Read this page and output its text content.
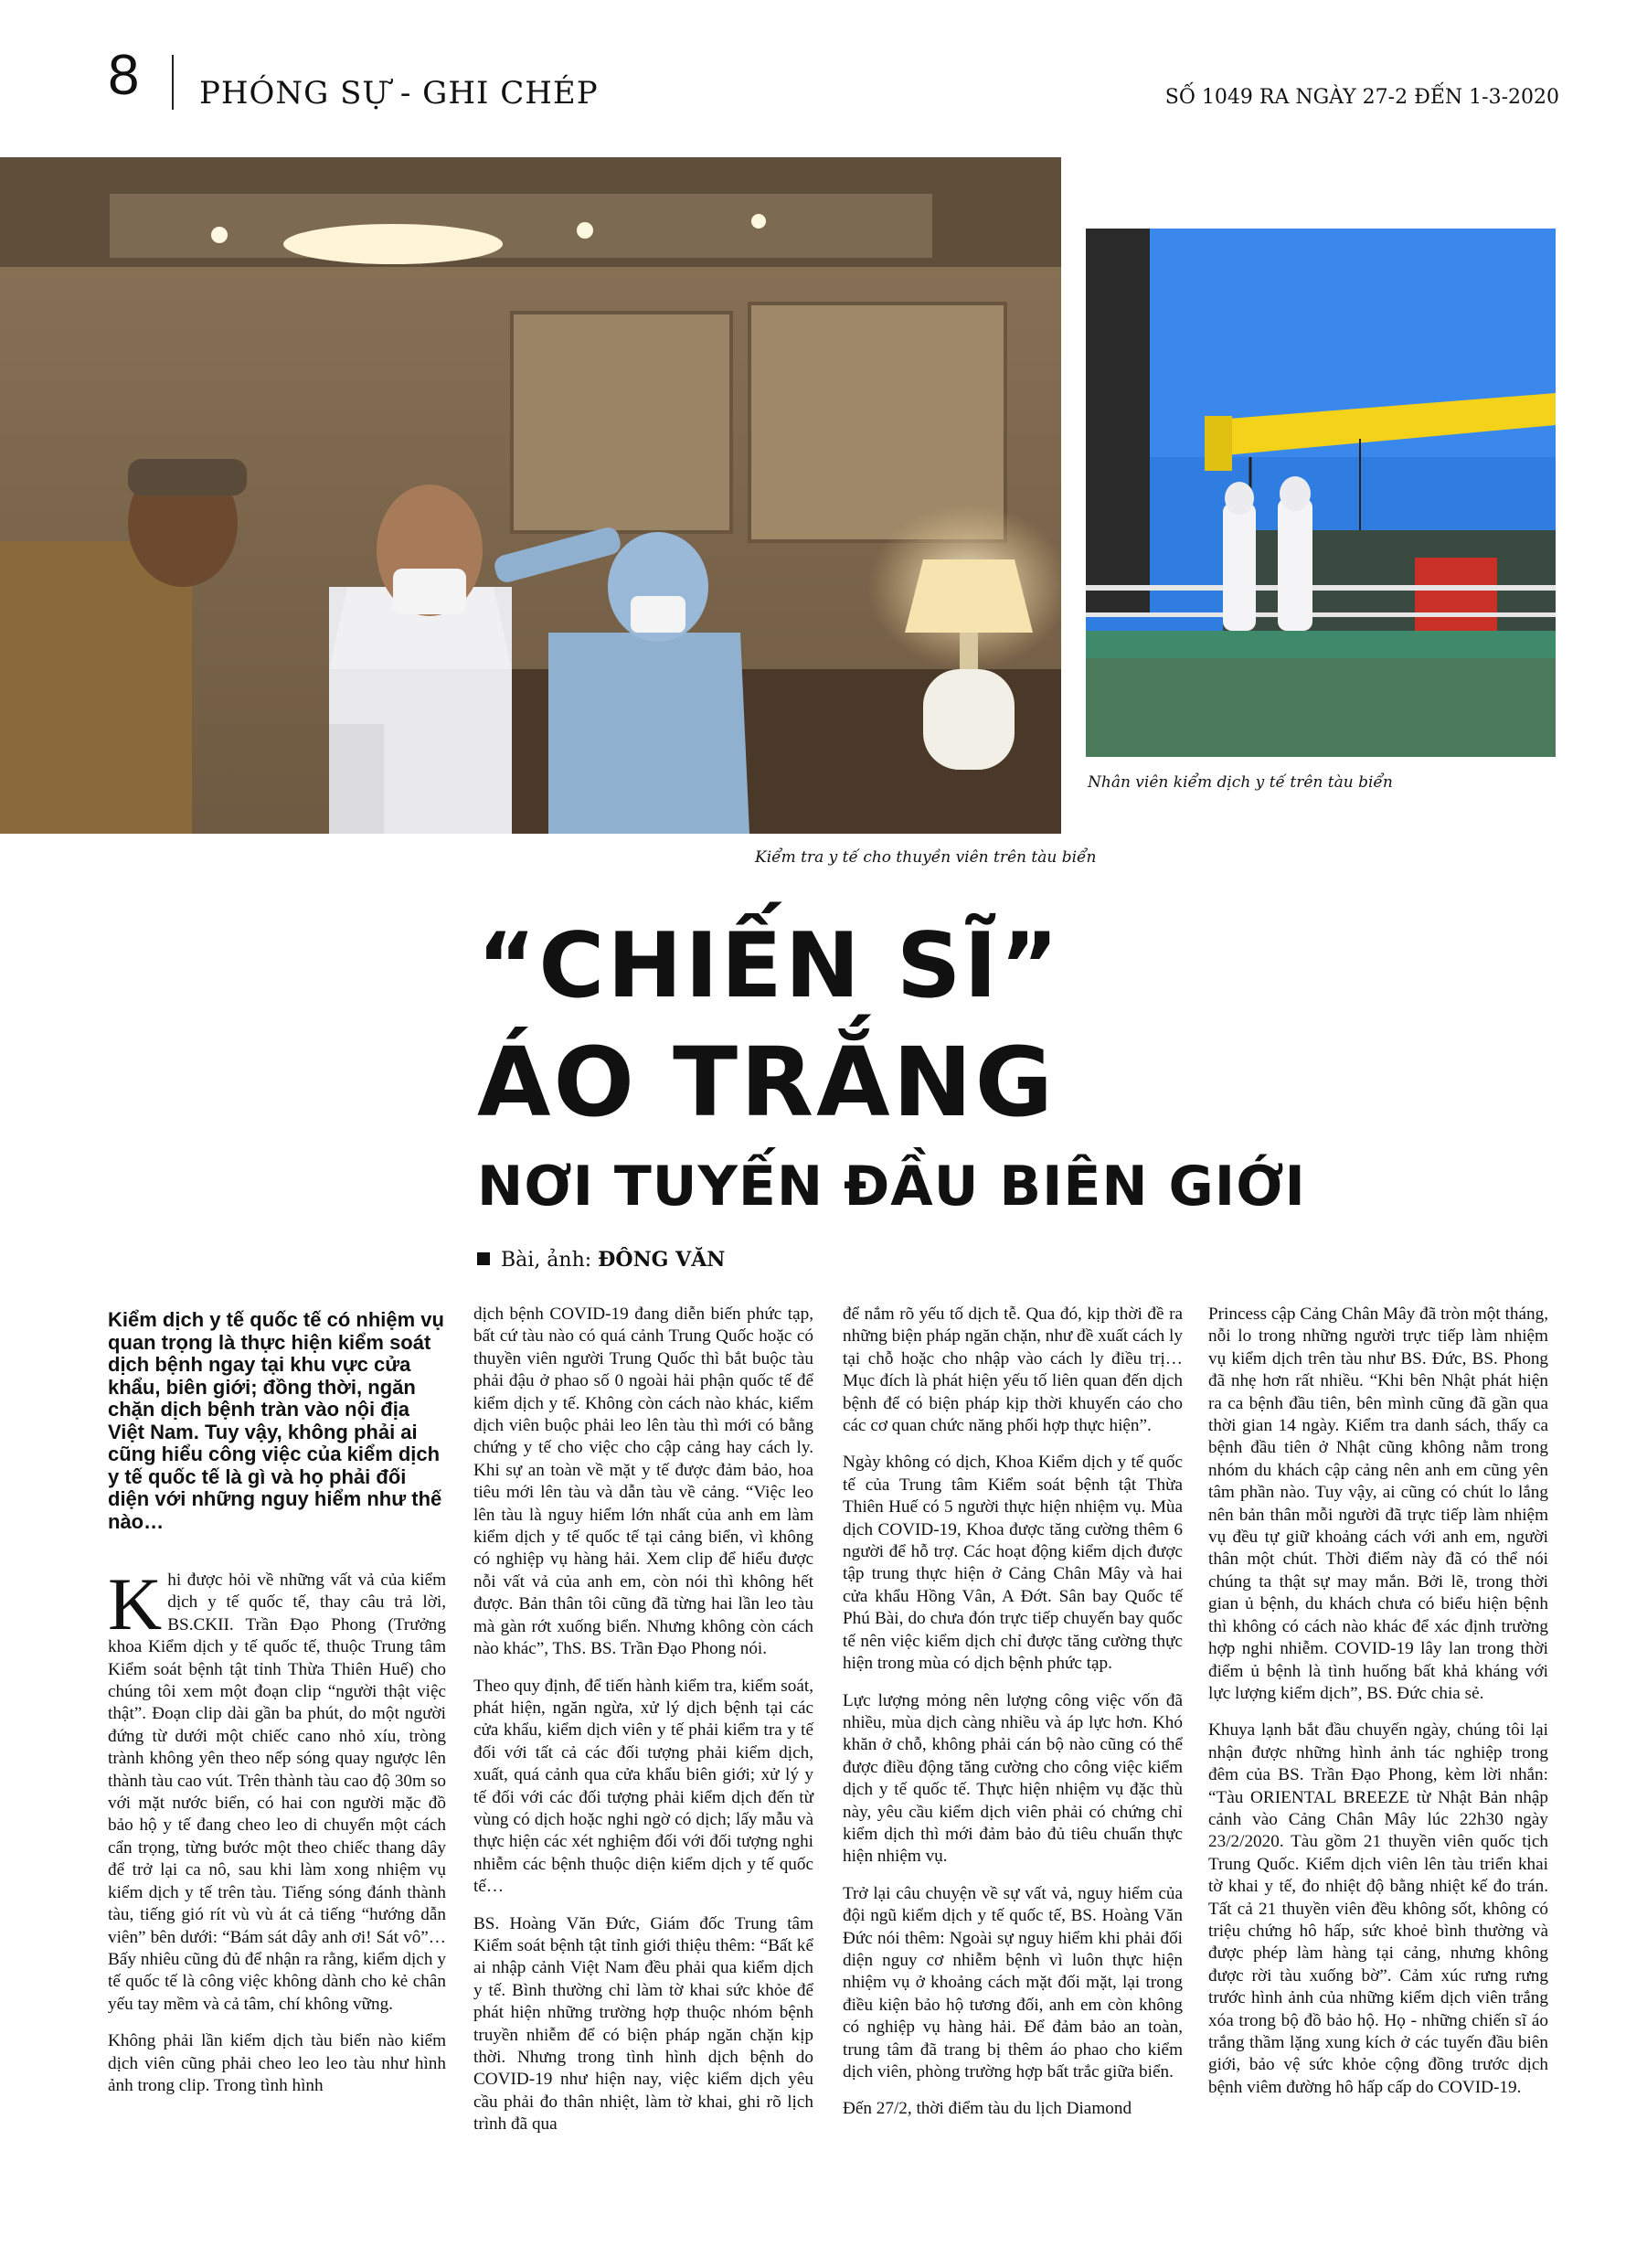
8 PHÓNG SỰ - GHI CHÉP	SỐ 1049 RA NGÀY 27-2 ĐẾN 1-3-2020
Nhân viên kiểm dịch y tế trên tàu biển
Kiểm tra y tế cho thuyền viên trên tàu biển
“CHIẾN SĨ”
ÁO TRẮNG
NƠI TUYẾN ĐẦU BIÊN GIỚI
Bài, ảnh: ĐÔNG VĂN

Kiểm dịch y tế quốc tế có nhiệm vụ quan trọng là thực hiện kiểm soát dịch bệnh ngay tại khu vực cửa khẩu, biên giới; đồng thời, ngăn chặn dịch bệnh tràn vào nội địa Việt Nam. Tuy vậy, không phải ai cũng hiểu công việc của kiểm dịch y tế quốc tế là gì và họ phải đối diện với những nguy hiểm như thế nào…

Khi được hỏi về những vất vả của kiểm dịch y tế quốc tế, thay câu trả lời, BS.CKII. Trần Đạo Phong (Trưởng khoa Kiểm dịch y tế quốc tế, thuộc Trung tâm Kiểm soát bệnh tật tỉnh Thừa Thiên Huế) cho chúng tôi xem một đoạn clip “người thật việc thật”. Đoạn clip dài gần ba phút, do một người đứng từ dưới một chiếc cano nhỏ xíu, tròng trành không yên theo nếp sóng quay ngược lên thành tàu cao vút. Trên thành tàu cao độ 30m so với mặt nước biển, có hai con người mặc đồ bảo hộ y tế đang cheo leo di chuyển một cách cẩn trọng, từng bước một theo chiếc thang dây để trở lại ca nô, sau khi làm xong nhiệm vụ kiểm dịch y tế trên tàu. Tiếng sóng đánh thành tàu, tiếng gió rít vù vù át cả tiếng “hướng dẫn viên” bên dưới: “Bám sát dây anh ơi! Sát vô”… Bấy nhiêu cũng đủ để nhận ra rằng, kiểm dịch y tế quốc tế là công việc không dành cho kẻ chân yếu tay mềm và cả tâm, chí không vững.

Không phải lần kiểm dịch tàu biển nào kiểm dịch viên cũng phải cheo leo leo tàu như hình ảnh trong clip. Trong tình hình

dịch bệnh COVID-19 đang diễn biến phức tạp, bất cứ tàu nào có quá cảnh Trung Quốc hoặc có thuyền viên người Trung Quốc thì bắt buộc tàu phải đậu ở phao số 0 ngoài hải phận quốc tế để kiểm dịch y tế. Không còn cách nào khác, kiểm dịch viên buộc phải leo lên tàu thì mới có bằng chứng y tế cho việc cho cập cảng hay cách ly. Khi sự an toàn về mặt y tế được đảm bảo, hoa tiêu mới lên tàu và dẫn tàu về cảng. “Việc leo lên tàu là nguy hiểm lớn nhất của anh em làm kiểm dịch y tế quốc tế tại cảng biển, vì không có nghiệp vụ hàng hải. Xem clip để hiểu được nỗi vất vả của anh em, còn nói thì không hết được. Bản thân tôi cũng đã từng hai lần leo tàu mà gàn rớt xuống biển. Nhưng không còn cách nào khác”, ThS. BS. Trần Đạo Phong nói.

Theo quy định, để tiến hành kiểm tra, kiểm soát, phát hiện, ngăn ngừa, xử lý dịch bệnh tại các cửa khẩu, kiểm dịch viên y tế phải kiểm tra y tế đối với tất cả các đối tượng phải kiểm dịch, xuất, quá cảnh qua cửa khẩu biên giới; xử lý y tế đối với các đối tượng phải kiểm dịch đến từ vùng có dịch hoặc nghi ngờ có dịch; lấy mẫu và thực hiện các xét nghiệm đối với đối tượng nghi nhiễm các bệnh thuộc diện kiểm dịch y tế quốc tế…

BS. Hoàng Văn Đức, Giám đốc Trung tâm Kiểm soát bệnh tật tỉnh giới thiệu thêm: “Bất kể ai nhập cảnh Việt Nam đều phải qua kiểm dịch y tế. Bình thường chỉ làm tờ khai sức khỏe để phát hiện những trường hợp thuộc nhóm bệnh truyền nhiễm để có biện pháp ngăn chặn kịp thời. Nhưng trong tình hình dịch bệnh do COVID-19 như hiện nay, việc kiểm dịch yêu cầu phải đo thân nhiệt, làm tờ khai, ghi rõ lịch trình đã qua

để nắm rõ yếu tố dịch tễ. Qua đó, kịp thời đề ra những biện pháp ngăn chặn, như đề xuất cách ly tại chỗ hoặc cho nhập vào cách ly điều trị… Mục đích là phát hiện yếu tố liên quan đến dịch bệnh để có biện pháp kịp thời khuyến cáo cho các cơ quan chức năng phối hợp thực hiện”.

Ngày không có dịch, Khoa Kiểm dịch y tế quốc tế của Trung tâm Kiểm soát bệnh tật Thừa Thiên Huế có 5 người thực hiện nhiệm vụ. Mùa dịch COVID-19, Khoa được tăng cường thêm 6 người để hỗ trợ. Các hoạt động kiểm dịch được tập trung thực hiện ở Cảng Chân Mây và hai cửa khẩu Hồng Vân, A Đớt. Sân bay Quốc tế Phú Bài, do chưa đón trực tiếp chuyến bay quốc tế nên việc kiểm dịch chỉ được tăng cường thực hiện trong mùa có dịch bệnh phức tạp.

Lực lượng mỏng nên lượng công việc vốn đã nhiều, mùa dịch càng nhiều và áp lực hơn. Khó khăn ở chỗ, không phải cán bộ nào cũng có thể được điều động tăng cường cho công việc kiểm dịch y tế quốc tế. Thực hiện nhiệm vụ đặc thù này, yêu cầu kiểm dịch viên phải có chứng chỉ kiểm dịch thì mới đảm bảo đủ tiêu chuẩn thực hiện nhiệm vụ.

Trở lại câu chuyện về sự vất vả, nguy hiểm của đội ngũ kiểm dịch y tế quốc tế, BS. Hoàng Văn Đức nói thêm: Ngoài sự nguy hiểm khi phải đối diện nguy cơ nhiễm bệnh vì luôn thực hiện nhiệm vụ ở khoảng cách mặt đối mặt, lại trong điều kiện bảo hộ tương đối, anh em còn không có nghiệp vụ hàng hải. Để đảm bảo an toàn, trung tâm đã trang bị thêm áo phao cho kiểm dịch viên, phòng trường hợp bất trắc giữa biển.

Đến 27/2, thời điểm tàu du lịch Diamond

Princess cập Cảng Chân Mây đã tròn một tháng, nỗi lo trong những người trực tiếp làm nhiệm vụ kiểm dịch trên tàu như BS. Đức, BS. Phong đã nhẹ hơn rất nhiều. “Khi bên Nhật phát hiện ra ca bệnh đầu tiên, bên mình cũng đã gần qua thời gian 14 ngày. Kiểm tra danh sách, thấy ca bệnh đầu tiên ở Nhật cũng không nằm trong nhóm du khách cập cảng nên anh em cũng yên tâm phần nào. Tuy vậy, ai cũng có chút lo lắng nên bản thân mỗi người đã trực tiếp làm nhiệm vụ đều tự giữ khoảng cách với anh em, người thân một chút. Thời điểm này đã có thể nói chúng ta thật sự may mắn. Bởi lẽ, trong thời gian ủ bệnh, du khách chưa có biểu hiện bệnh thì không có cách nào khác để xác định trường hợp nghi nhiễm. COVID-19 lây lan trong thời điểm ủ bệnh là tình huống bất khả kháng với lực lượng kiểm dịch”, BS. Đức chia sẻ.

Khuya lạnh bắt đầu chuyến ngày, chúng tôi lại nhận được những hình ảnh tác nghiệp trong đêm của BS. Trần Đạo Phong, kèm lời nhắn: “Tàu ORIENTAL BREEZE từ Nhật Bản nhập cảnh vào Cảng Chân Mây lúc 22h30 ngày 23/2/2020. Tàu gồm 21 thuyền viên quốc tịch Trung Quốc. Kiểm dịch viên lên tàu triển khai tờ khai y tế, đo nhiệt độ bằng nhiệt kế đo trán. Tất cả 21 thuyền viên đều không sốt, không có triệu chứng hô hấp, sức khoẻ bình thường và được phép làm hàng tại cảng, nhưng không được rời tàu xuống bờ”. Cảm xúc rưng rưng trước hình ảnh của những kiểm dịch viên trắng xóa trong bộ đồ bảo hộ. Họ - những chiến sĩ áo trắng thầm lặng xung kích ở các tuyến đầu biên giới, bảo vệ sức khỏe cộng đồng trước dịch bệnh viêm đường hô hấp cấp do COVID-19.
